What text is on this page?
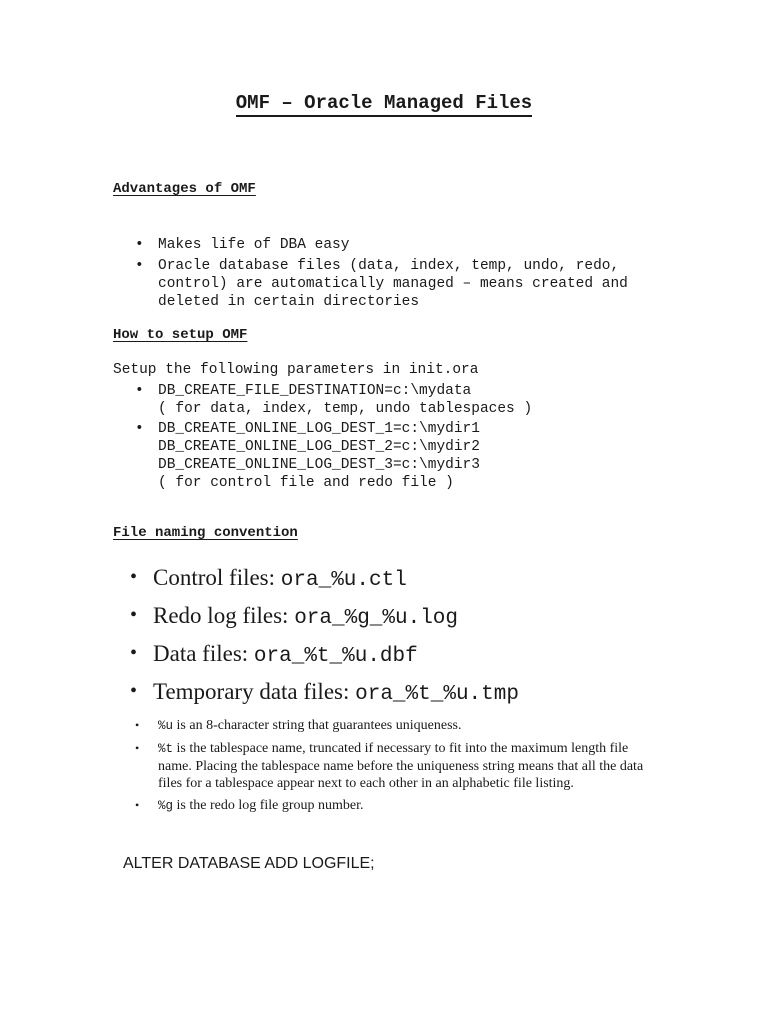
OMF – Oracle Managed Files
Advantages of OMF
• Makes life of DBA easy
• Oracle database files (data, index, temp, undo, redo, control) are automatically managed – means created and deleted in certain directories
How to setup OMF
Setup the following parameters in init.ora
• DB_CREATE_FILE_DESTINATION=c:\mydata
( for data, index, temp, undo tablespaces )
• DB_CREATE_ONLINE_LOG_DEST_1=c:\mydir1
DB_CREATE_ONLINE_LOG_DEST_2=c:\mydir2
DB_CREATE_ONLINE_LOG_DEST_3=c:\mydir3
( for control file and redo file )
File naming convention
• Control files: ora_%u.ctl
• Redo log files: ora_%g_%u.log
• Data files: ora_%t_%u.dbf
• Temporary data files: ora_%t_%u.tmp
• %u is an 8-character string that guarantees uniqueness.
• %t is the tablespace name, truncated if necessary to fit into the maximum length file name. Placing the tablespace name before the uniqueness string means that all the data files for a tablespace appear next to each other in an alphabetic file listing.
• %g is the redo log file group number.
ALTER DATABASE ADD LOGFILE;
